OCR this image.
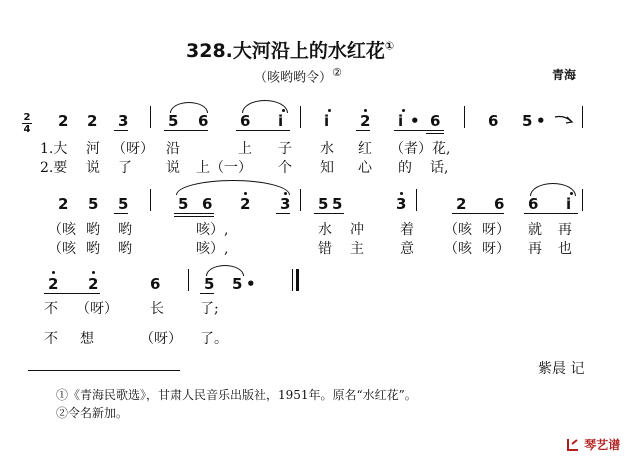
328.大河沿上的水红花①
（咳哟哟令）②	青海
2
4 2 2 3	5 6 6 i	i 2 i • 6	6 5 •
1.大 河 （呀） 沿	上 子 水 红 （者）花,
2.要 说 了 说 上（一） 个 知 心 的 话,
2 5 5	5 6 2 3 5 5	3	2 6 6 i
（咳 哟 哟	咳）,	水 冲	着 （咳 呀） 就 再
（咳 哟 哟	咳）,	错 主	意 （咳 呀） 再 也
2 2	6	5 5 •
不 （呀） 长	了;
不 想	（呀） 了。
紫晨 记
①《青海民歌选》，甘肃人民音乐出版社，1951年。原名“水红花”。
②令名新加。
琴艺谱
